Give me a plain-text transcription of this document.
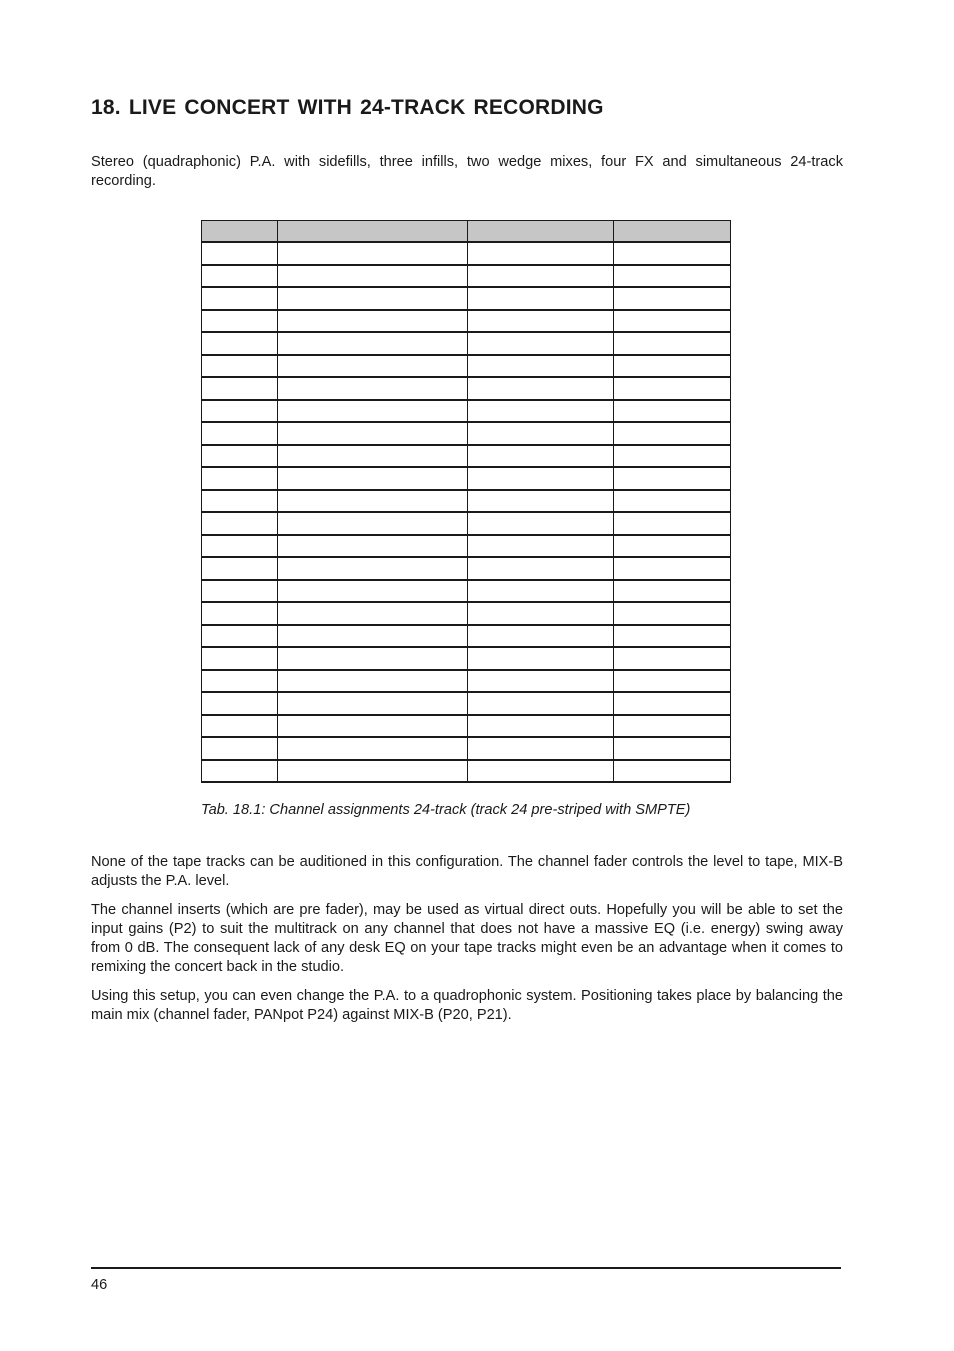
18. LIVE CONCERT WITH 24-TRACK RECORDING

Stereo (quadraphonic) P.A. with sidefills, three infills, two wedge mixes, four FX and simultaneous 24-track recording.

Tab. 18.1: Channel assignments 24-track (track 24 pre-striped with SMPTE)

None of the tape tracks can be auditioned in this configuration. The channel fader controls the level to tape, MIX-B adjusts the P.A. level.

The channel inserts (which are pre fader), may be used as virtual direct outs. Hopefully you will be able to set the input gains (P2) to suit the multitrack on any channel that does not have a massive EQ (i.e. energy) swing away from 0 dB. The consequent lack of any desk EQ on your tape tracks might even be an advantage when it comes to remixing the concert back in the studio.

Using this setup, you can even change the P.A. to a quadrophonic system. Positioning takes place by balancing the main mix (channel fader, PANpot P24) against MIX-B (P20, P21).

46
